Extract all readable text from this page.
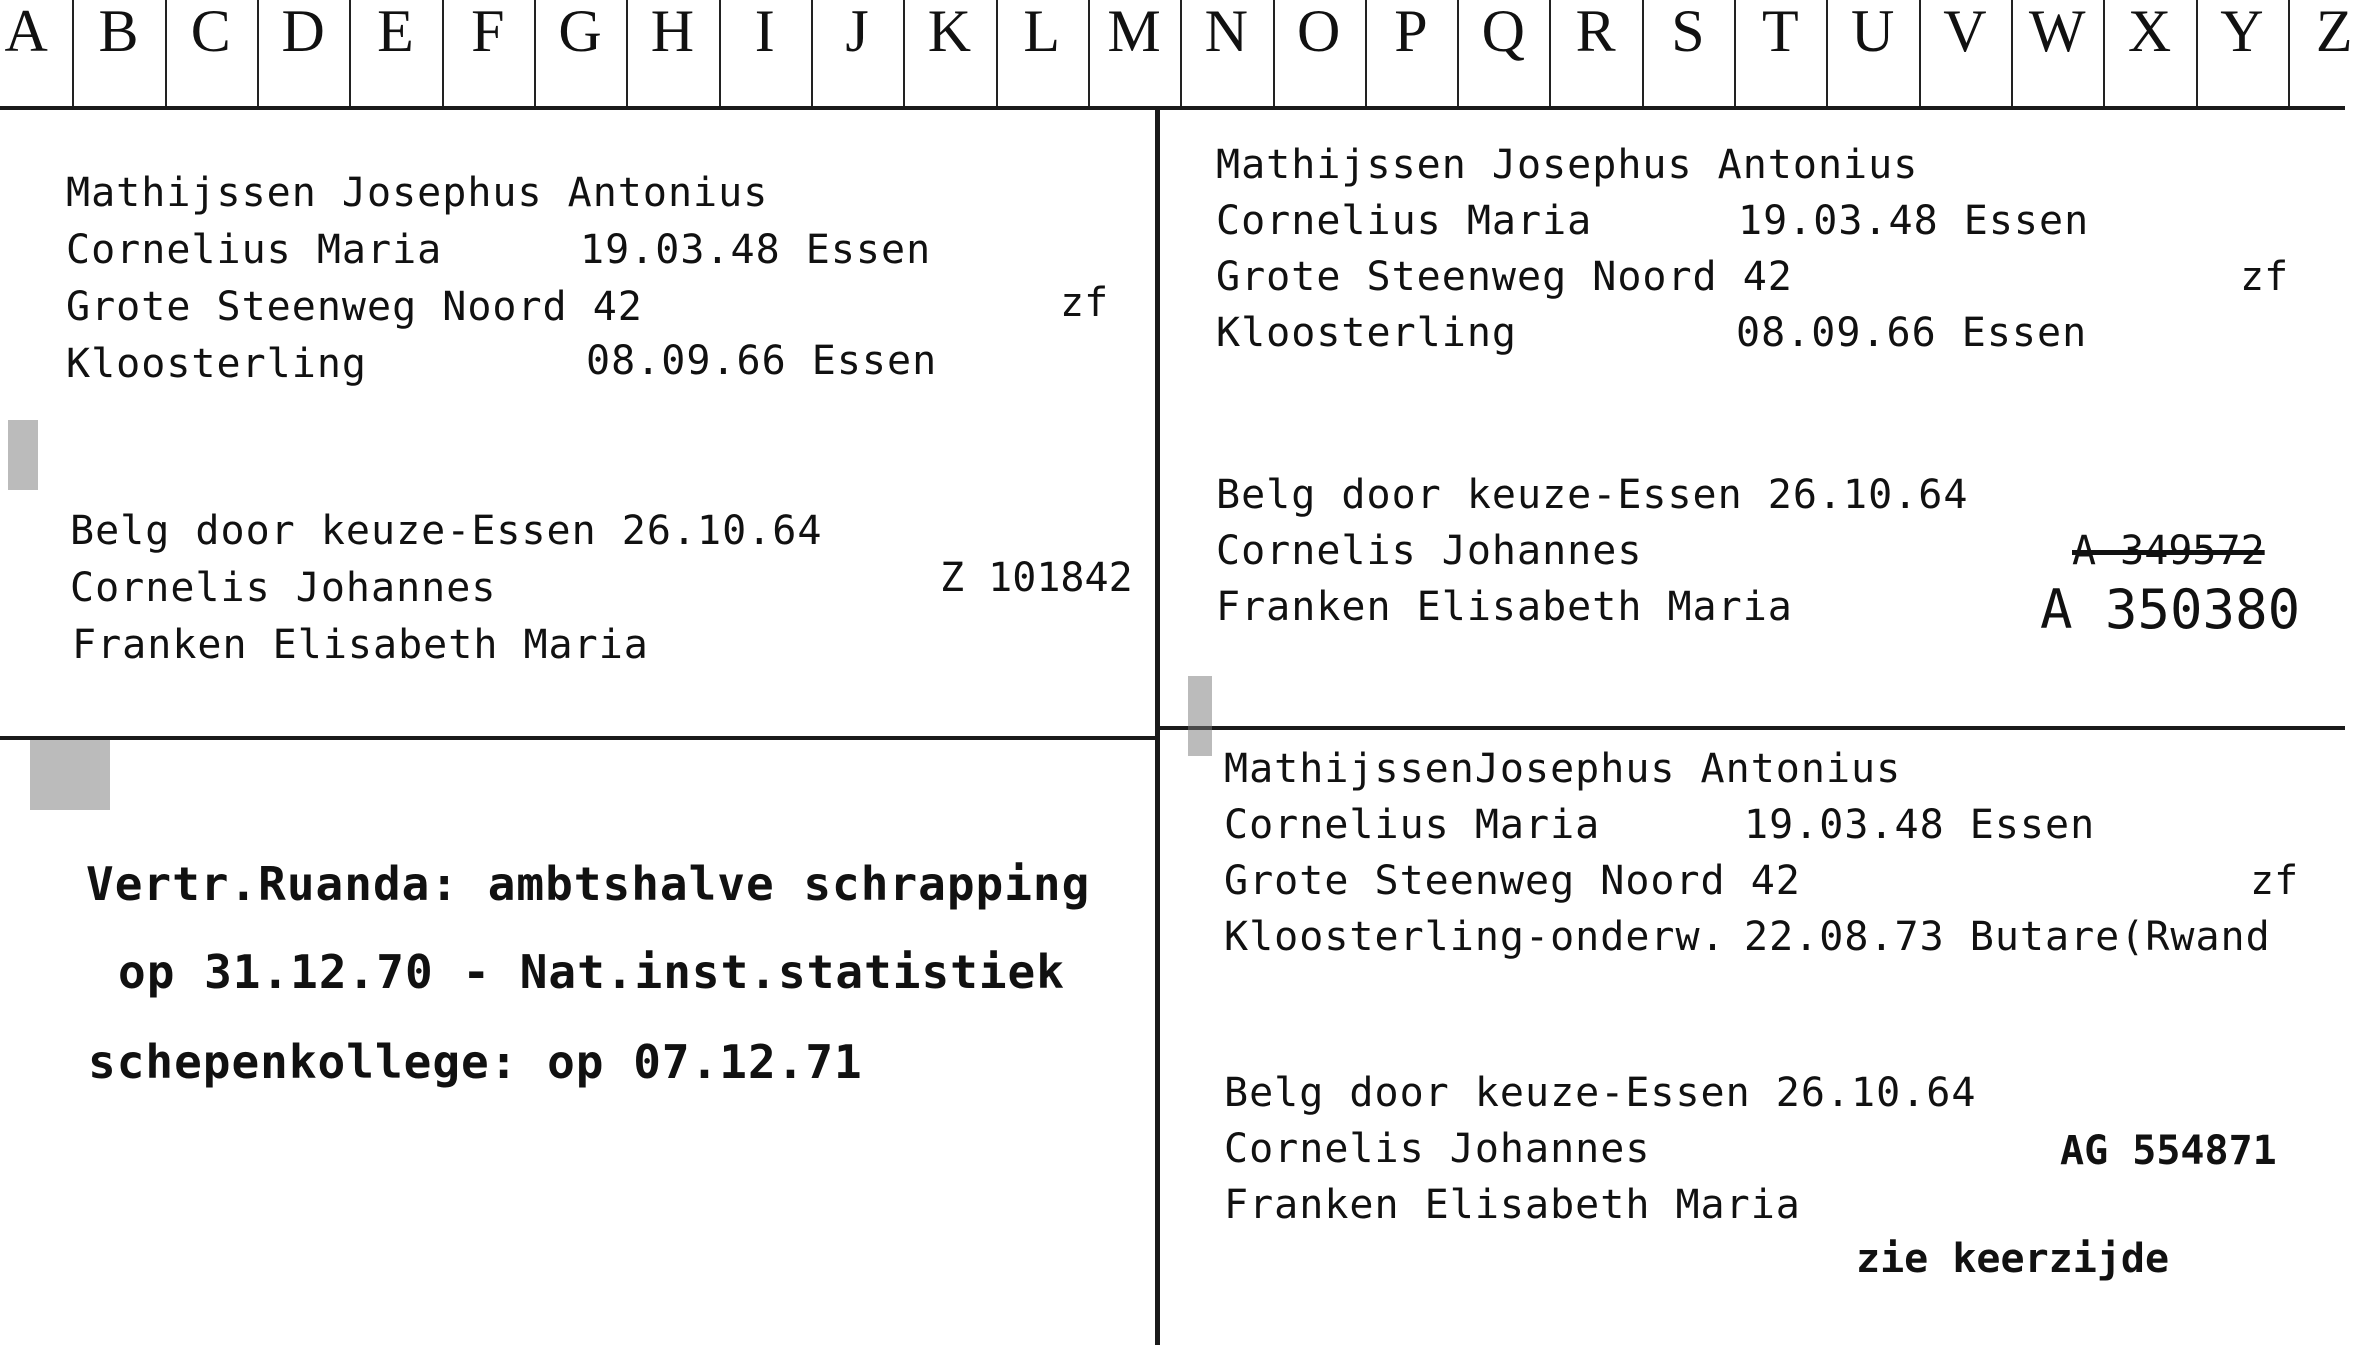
A B C D E F G H	I	J K L M N O P Q R S T U V W X Y Z
Mathijssen Josephus Antonius
Cornelius Maria	19.03.48 Essen
Grote Steenweg Noord 42	zf
Kloosterling	08.09.66 Essen
Belg door keuze-Essen 26.10.64
Cornelis Johannes	Z 101842
Franken Elisabeth Maria
Mathijssen Josephus Antonius
Cornelius Maria	19.03.48 Essen
Grote Steenweg Noord 42	zf
Kloosterling	08.09.66 Essen
Belg door keuze-Essen 26.10.64
Cornelis Johannes	A 349572
Franken Elisabeth Maria	A 350380
Vertr.Ruanda: ambtshalve schrapping
op 31.12.70 - Nat.inst.statistiek
schepenkollege: op 07.12.71
MathijssenJosephus Antonius
Cornelius Maria	19.03.48 Essen
Grote Steenweg Noord 42	zf
Kloosterling-onderw. 22.08.73 Butare(Rwand
Belg door keuze-Essen 26.10.64
Cornelis Johannes	AG 554871
Franken Elisabeth Maria
zie keerzijde
